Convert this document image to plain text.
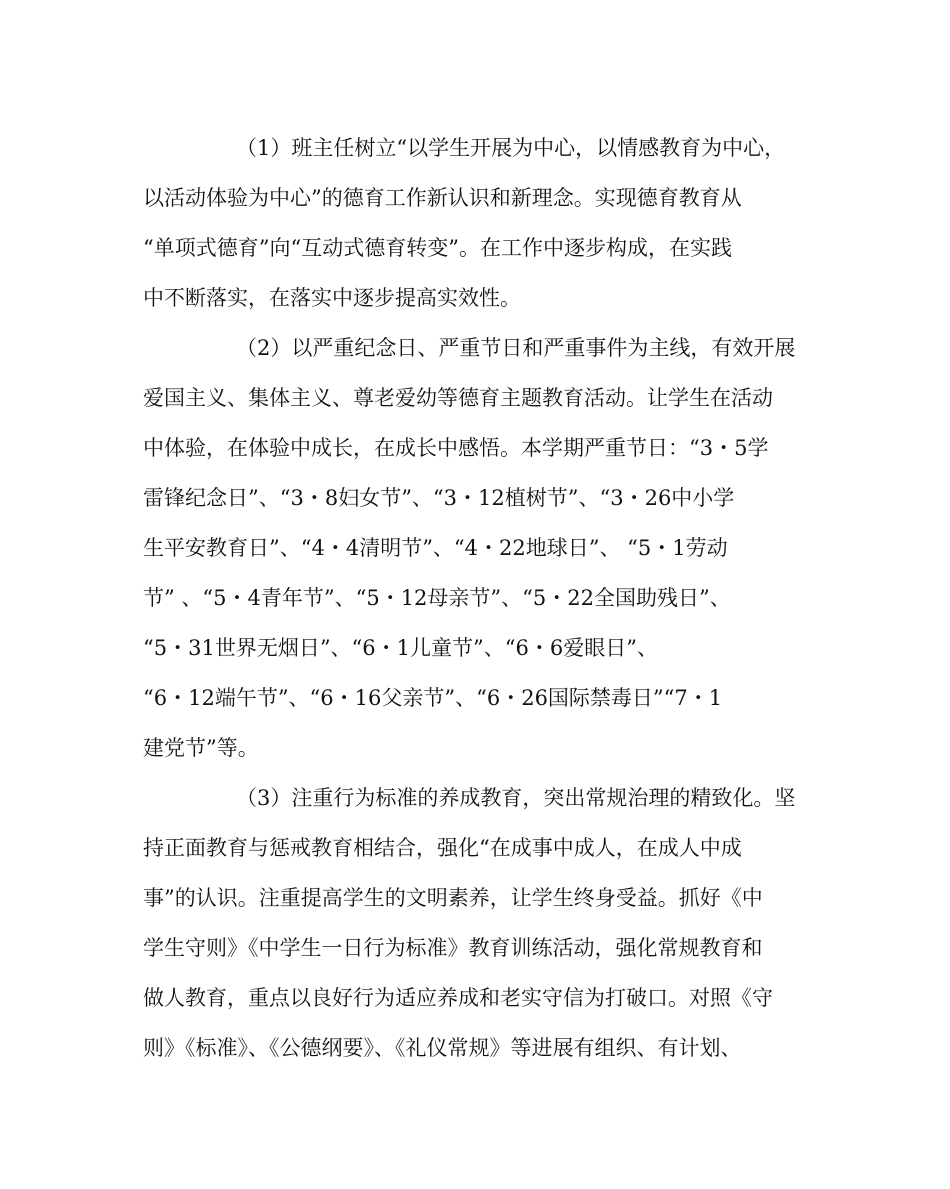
（1）班主任树立“以学生开展为中心，以情感教育为中心，
以活动体验为中心”的德育工作新认识和新理念。实现德育教育从
“单项式德育”向“互动式德育转变”。在工作中逐步构成，在实践
中不断落实，在落实中逐步提高实效性。
（2）以严重纪念日、严重节日和严重事件为主线，有效开展
爱国主义、集体主义、尊老爱幼等德育主题教育活动。让学生在活动
中体验，在体验中成长，在成长中感悟。本学期严重节日：“3・5学
雷锋纪念日”、“3・8妇女节”、“3・12植树节”、“3・26中小学
生平安教育日”、“4・4清明节”、“4・22地球日”、 “5・1劳动
节” 、“5・4青年节”、“5・12母亲节”、“5・22全国助残日”、
“5・31世界无烟日”、“6・1儿童节”、“6・6爱眼日”、
“6・12端午节”、“6・16父亲节”、“6・26国际禁毒日”“7・1
建党节”等。
（3）注重行为标准的养成教育，突出常规治理的精致化。坚
持正面教育与惩戒教育相结合，强化“在成事中成人，在成人中成
事”的认识。注重提高学生的文明素养，让学生终身受益。抓好《中
学生守则》《中学生一日行为标准》教育训练活动，强化常规教育和
做人教育，重点以良好行为适应养成和老实守信为打破口。对照《守
则》《标准》、《公德纲要》、《礼仪常规》等进展有组织、有计划、
